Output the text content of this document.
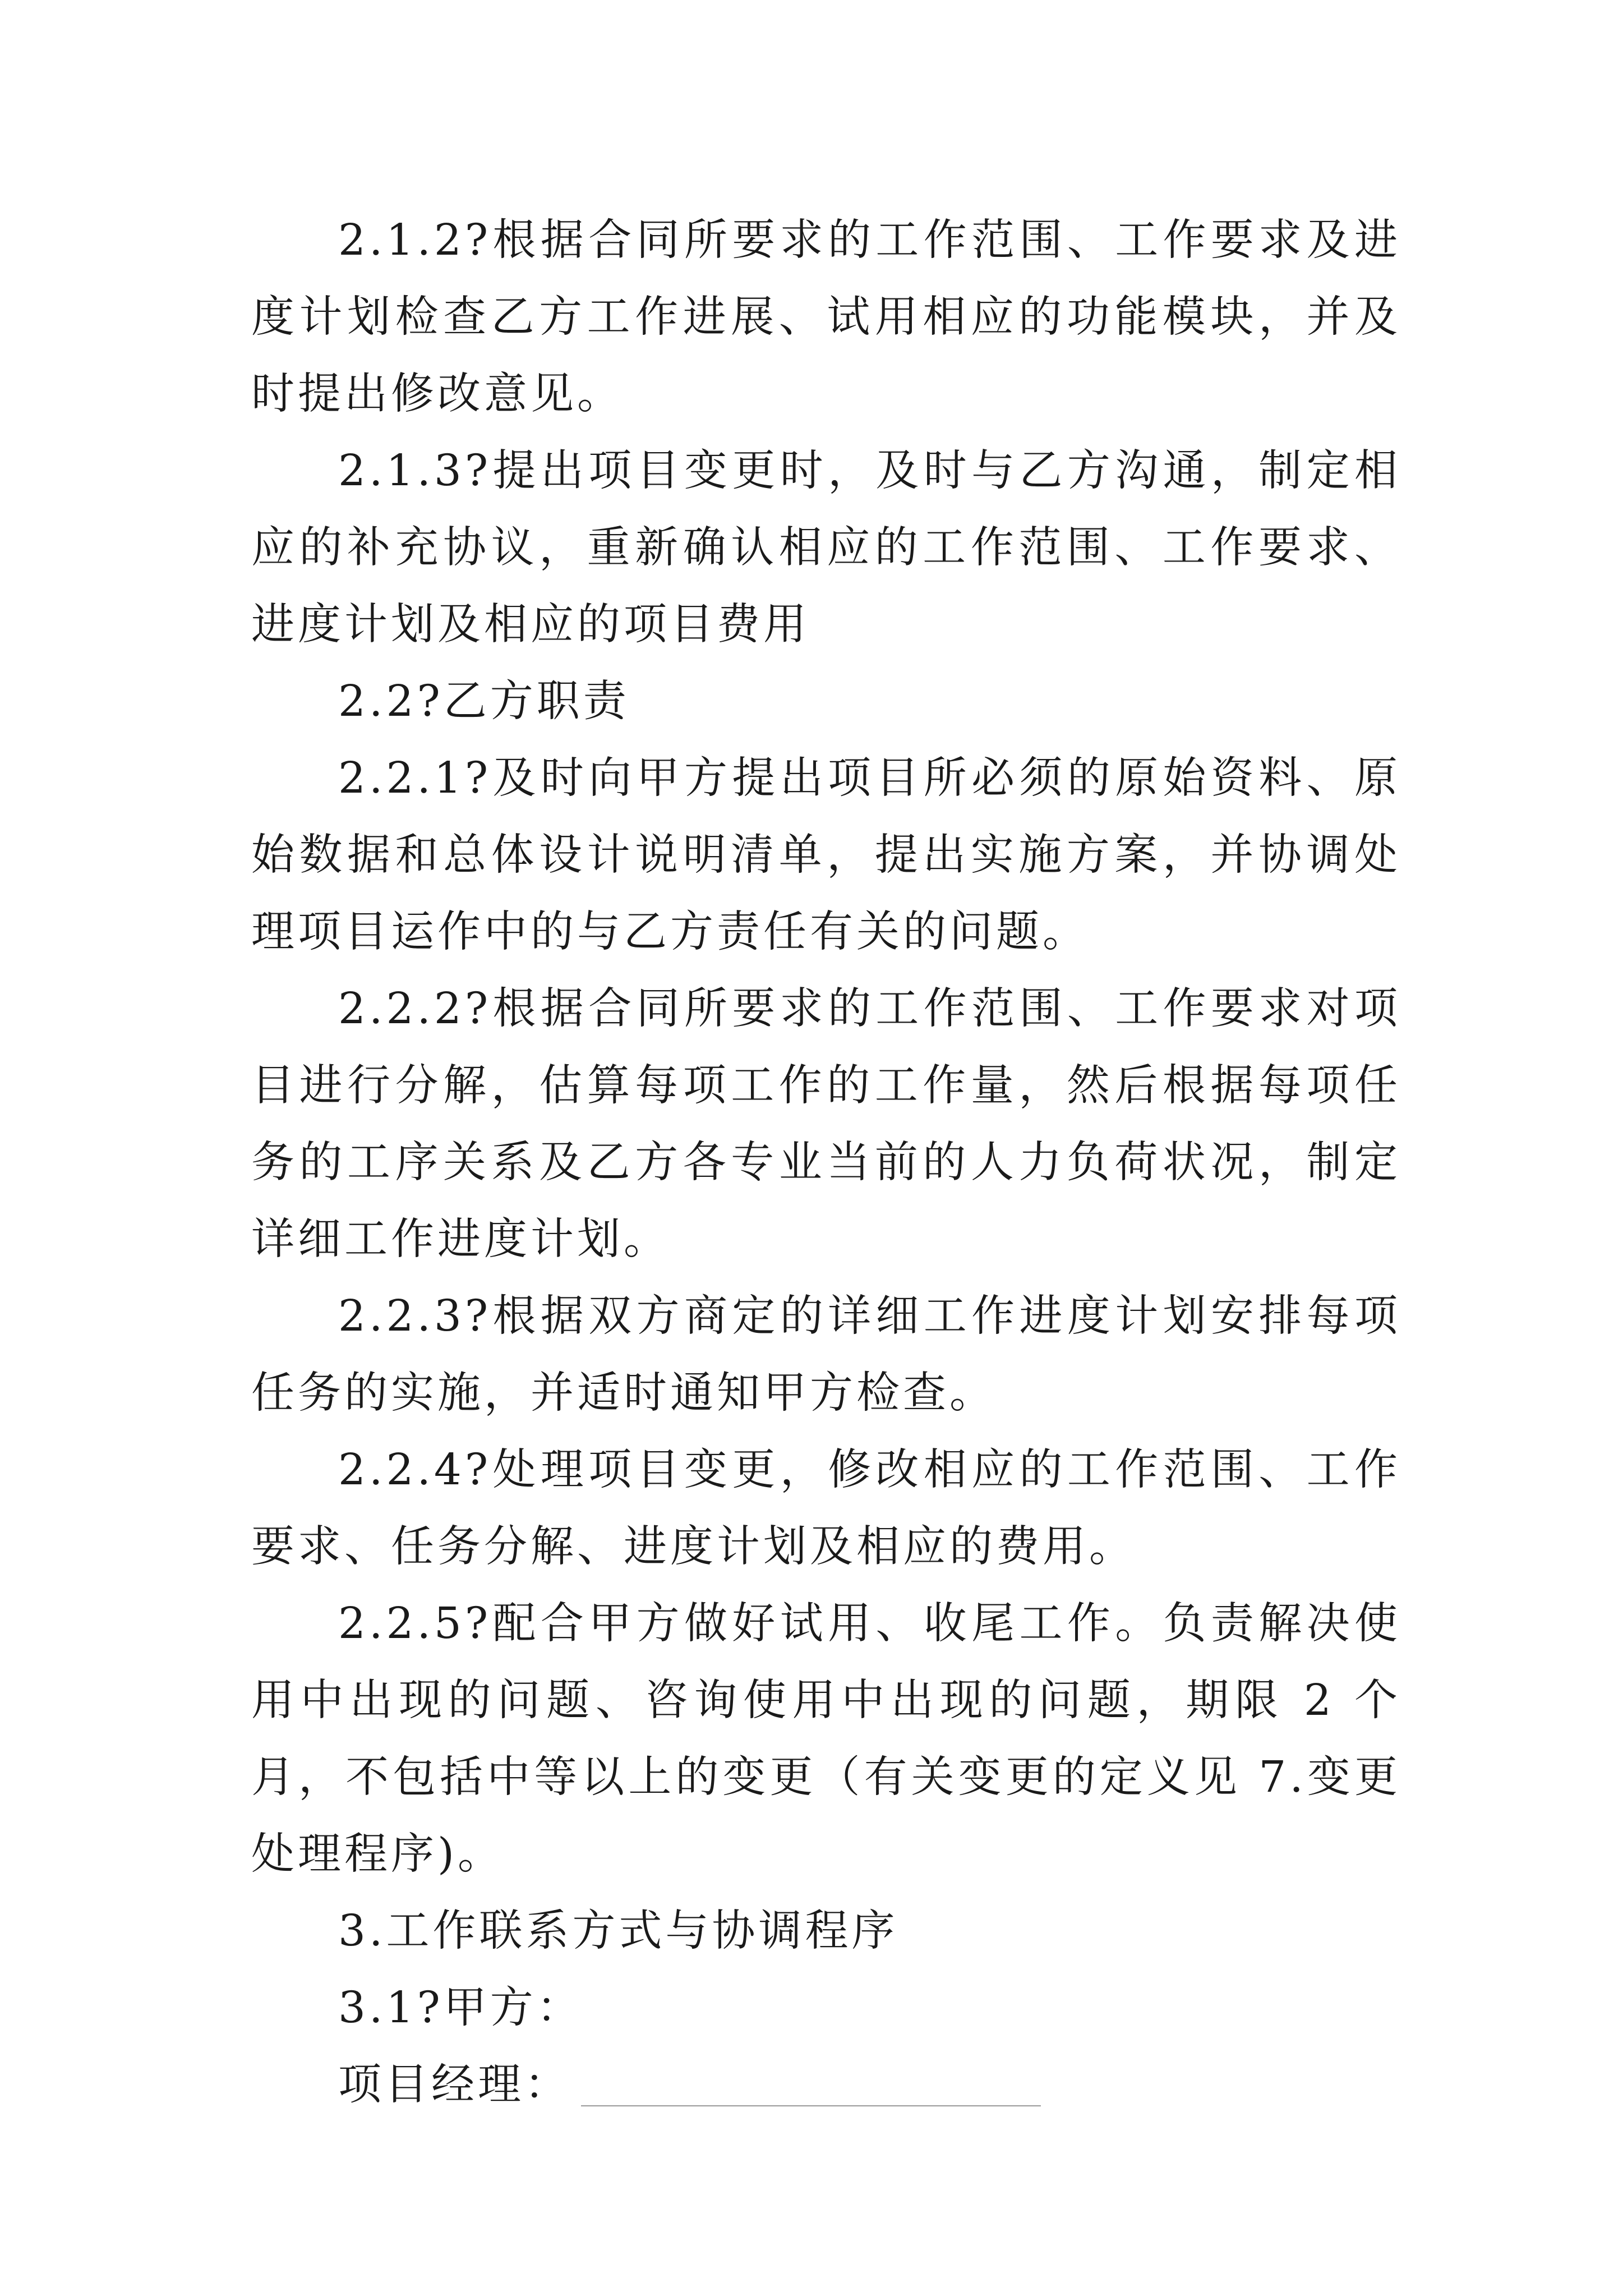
2.1.2?根据合同所要求的工作范围、工作要求及进度计划检查乙方工作进展、试用相应的功能模块，并及时提出修改意见。

2.1.3?提出项目变更时，及时与乙方沟通，制定相应的补充协议，重新确认相应的工作范围、工作要求、进度计划及相应的项目费用

2.2?乙方职责

2.2.1?及时向甲方提出项目所必须的原始资料、原始数据和总体设计说明清单，提出实施方案，并协调处理项目运作中的与乙方责任有关的问题。

2.2.2?根据合同所要求的工作范围、工作要求对项目进行分解，估算每项工作的工作量，然后根据每项任务的工序关系及乙方各专业当前的人力负荷状况，制定详细工作进度计划。

2.2.3?根据双方商定的详细工作进度计划安排每项任务的实施，并适时通知甲方检查。

2.2.4?处理项目变更，修改相应的工作范围、工作要求、任务分解、进度计划及相应的费用。

2.2.5?配合甲方做好试用、收尾工作。负责解决使用中出现的问题、咨询使用中出现的问题，期限 2 个月，不包括中等以上的变更（有关变更的定义见 7.变更处理程序)。

3.工作联系方式与协调程序

3.1?甲方：

项目经理：
